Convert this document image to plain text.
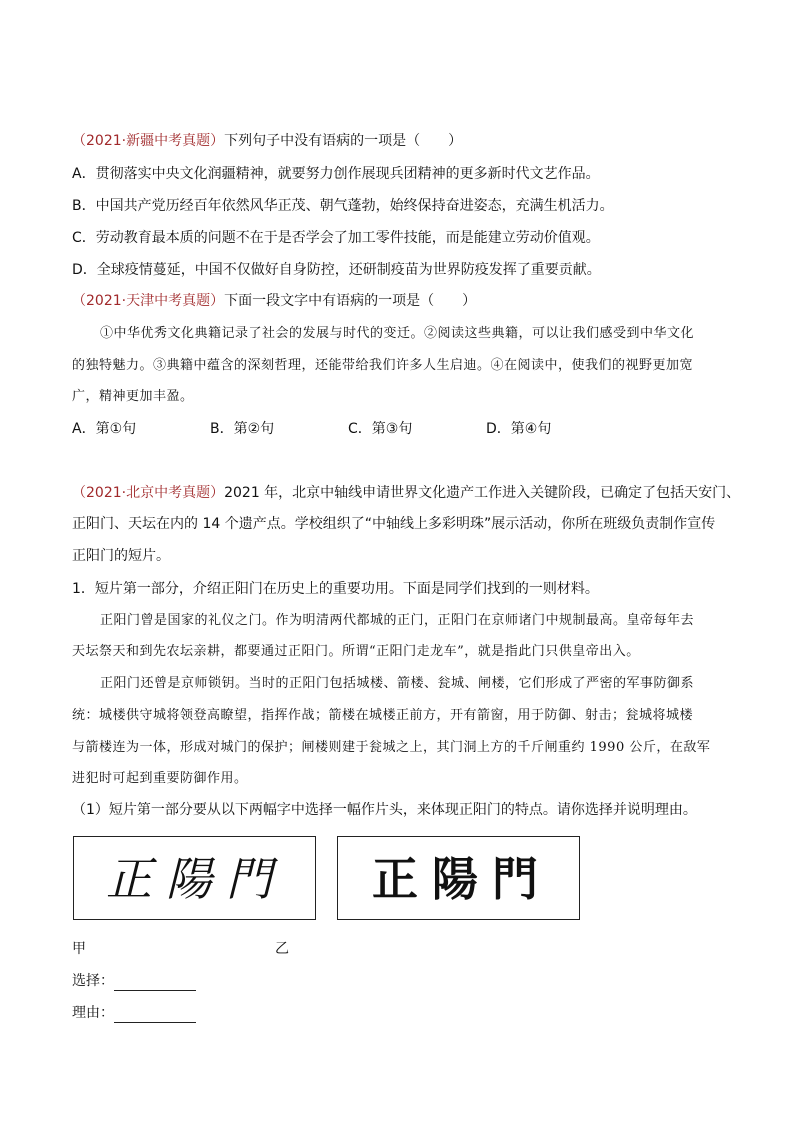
（2021·新疆中考真题）下列句子中没有语病的一项是（　　）
A．贯彻落实中央文化润疆精神，就要努力创作展现兵团精神的更多新时代文艺作品。
B．中国共产党历经百年依然风华正茂、朝气蓬勃，始终保持奋进姿态，充满生机活力。
C．劳动教育最本质的问题不在于是否学会了加工零件技能，而是能建立劳动价值观。
D．全球疫情蔓延，中国不仅做好自身防控，还研制疫苗为世界防疫发挥了重要贡献。
（2021·天津中考真题）下面一段文字中有语病的一项是（　　）
①中华优秀文化典籍记录了社会的发展与时代的变迁。②阅读这些典籍，可以让我们感受到中华文化
的独特魅力。③典籍中蕴含的深刻哲理，还能带给我们许多人生启迪。④在阅读中，使我们的视野更加宽
广，精神更加丰盈。
A．第①句	B．第②句	C．第③句	D．第④句
（2021·北京中考真题）2021 年，北京中轴线申请世界文化遗产工作进入关键阶段，已确定了包括天安门、
正阳门、天坛在内的 14 个遗产点。学校组织了“中轴线上多彩明珠”展示活动，你所在班级负责制作宣传
正阳门的短片。
1．短片第一部分，介绍正阳门在历史上的重要功用。下面是同学们找到的一则材料。
正阳门曾是国家的礼仪之门。作为明清两代都城的正门，正阳门在京师诸门中规制最高。皇帝每年去
天坛祭天和到先农坛亲耕，都要通过正阳门。所谓“正阳门走龙车”，就是指此门只供皇帝出入。
正阳门还曾是京师锁钥。当时的正阳门包括城楼、箭楼、瓮城、闸楼，它们形成了严密的军事防御系
统：城楼供守城将领登高瞭望，指挥作战；箭楼在城楼正前方，开有箭窗，用于防御、射击；瓮城将城楼
与箭楼连为一体，形成对城门的保护；闸楼则建于瓮城之上，其门洞上方的千斤闸重约 1990 公斤，在敌军
进犯时可起到重要防御作用。
（1）短片第一部分要从以下两幅字中选择一幅作片头，来体现正阳门的特点。请你选择并说明理由。
正陽門 正陽門
甲	乙
选择：
理由：
